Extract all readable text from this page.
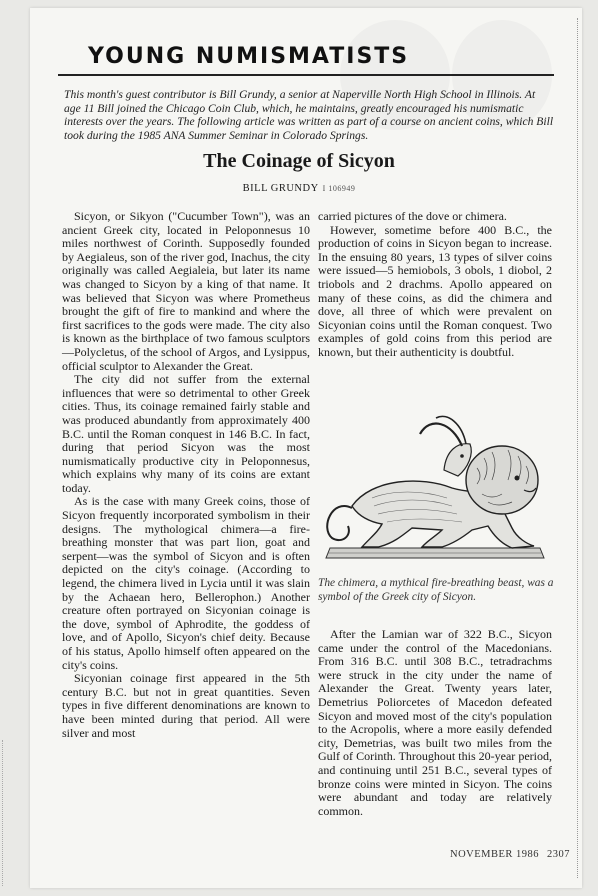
YOUNG NUMISMATISTS
This month's guest contributor is Bill Grundy, a senior at Naperville North High School in Illinois. At age 11 Bill joined the Chicago Coin Club, which, he maintains, greatly encouraged his numismatic interests over the years. The following article was written as part of a course on ancient coins, which Bill took during the 1985 ANA Summer Seminar in Colorado Springs.
The Coinage of Sicyon
BILL GRUNDY I 106949

Sicyon, or Sikyon ("Cucumber Town"), was an ancient Greek city, located in Peloponnesus 10 miles northwest of Corinth. Supposedly founded by Aegialeus, son of the river god, Inachus, the city originally was called Aegialeia, but later its name was changed to Sicyon by a king of that name. It was believed that Sicyon was where Prometheus brought the gift of fire to mankind and where the first sacrifices to the gods were made. The city also is known as the birthplace of two famous sculptors—Polycletus, of the school of Argos, and Lysippus, official sculptor to Alexander the Great.

The city did not suffer from the external influences that were so detrimental to other Greek cities. Thus, its coinage remained fairly stable and was produced abundantly from approximately 400 B.C. until the Roman conquest in 146 B.C. In fact, during that period Sicyon was the most numismatically productive city in Peloponnesus, which explains why many of its coins are extant today.

As is the case with many Greek coins, those of Sicyon frequently incorporated symbolism in their designs. The mythological chimera—a fire-breathing monster that was part lion, goat and serpent—was the symbol of Sicyon and is often depicted on the city's coinage. (According to legend, the chimera lived in Lycia until it was slain by the Achaean hero, Bellerophon.) Another creature often portrayed on Sicyonian coinage is the dove, symbol of Aphrodite, the goddess of love, and of Apollo, Sicyon's chief deity. Because of his status, Apollo himself often appeared on the city's coins.

Sicyonian coinage first appeared in the 5th century B.C. but not in great quantities. Seven types in five different denominations are known to have been minted during that period. All were silver and most

carried pictures of the dove or chimera.

However, sometime before 400 B.C., the production of coins in Sicyon began to increase. In the ensuing 80 years, 13 types of silver coins were issued—5 hemiobols, 3 obols, 1 diobol, 2 triobols and 2 drachms. Apollo appeared on many of these coins, as did the chimera and dove, all three of which were prevalent on Sicyonian coins until the Roman conquest. Two examples of gold coins from this period are known, but their authenticity is doubtful.

The chimera, a mythical fire-breathing beast, was a symbol of the Greek city of Sicyon.

After the Lamian war of 322 B.C., Sicyon came under the control of the Macedonians. From 316 B.C. until 308 B.C., tetradrachms were struck in the city under the name of Alexander the Great. Twenty years later, Demetrius Poliorcetes of Macedon defeated Sicyon and moved most of the city's population to the Acropolis, where a more easily defended city, Demetrias, was built two miles from the Gulf of Corinth. Throughout this 20-year period, and continuing until 251 B.C., several types of bronze coins were minted in Sicyon. The coins were abundant and today are relatively common.

NOVEMBER 1986 2307
